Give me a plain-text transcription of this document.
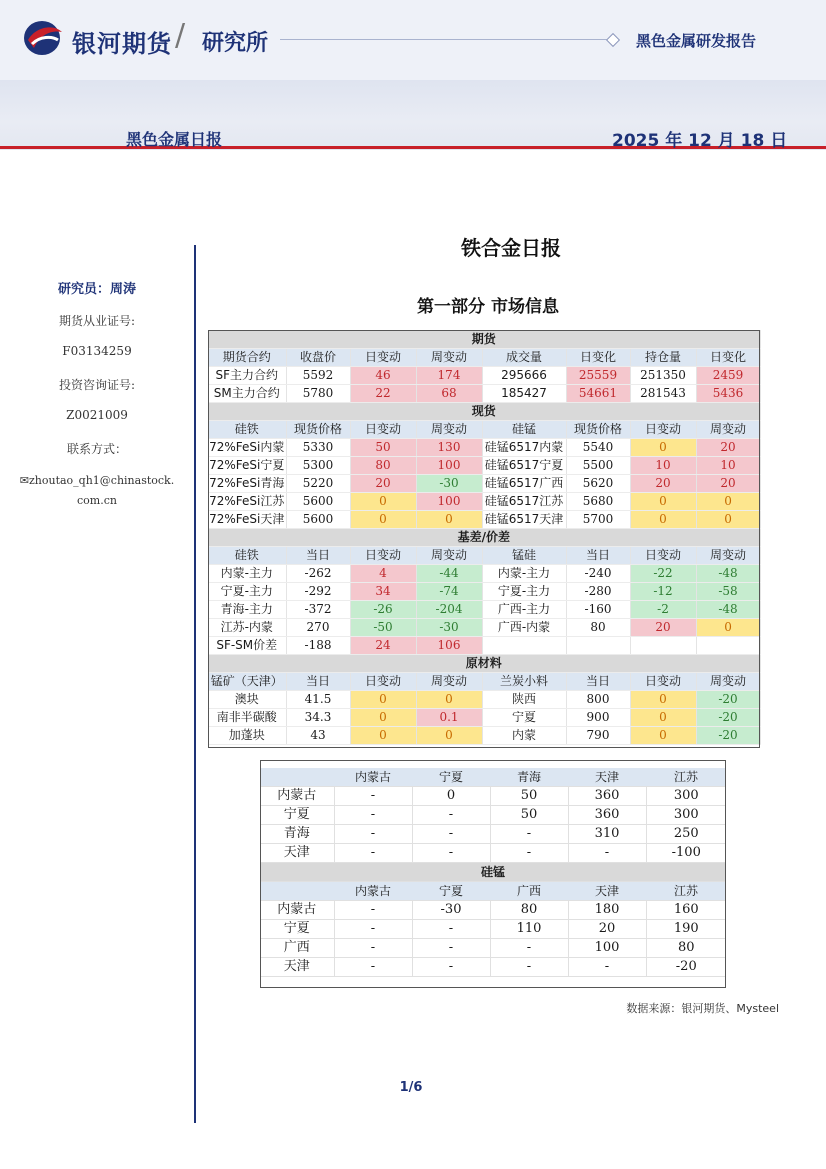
银河期货 / 研究所	黑色金属研发报告
黑色金属日报	2025 年 12 月 18 日
研究员：周涛
期货从业证号:
F03134259
投资咨询证号:
Z0021009
联系方式：
✉zhoutao_qh1@chinastock.
com.cn
铁合金日报
第一部分 市场信息
期货							
期货合约	收盘价	日变动	周变动	成交量	日变化	持仓量	日变化
SF主力合约	5592	46	174	295666	25559	251350	2459
SM主力合约	5780	22	68	185427	54661	281543	5436
现货							
硅铁	现货价格	日变动	周变动	硅锰	现货价格	日变动	周变动
72%FeSi内蒙	5330	50	130	硅锰6517内蒙	5540	0	20
72%FeSi宁夏	5300	80	100	硅锰6517宁夏	5500	10	10
72%FeSi青海	5220	20	-30	硅锰6517广西	5620	20	20
72%FeSi江苏	5600	0	100	硅锰6517江苏	5680	0	0
72%FeSi天津	5600	0	0	硅锰6517天津	5700	0	0
基差/价差							
硅铁	当日	日变动	周变动	锰硅	当日	日变动	周变动
内蒙-主力	-262	4	-44	内蒙-主力	-240	-22	-48
宁夏-主力	-292	34	-74	宁夏-主力	-280	-12	-58
青海-主力	-372	-26	-204	广西-主力	-160	-2	-48
江苏-内蒙	270	-50	-30	广西-内蒙	80	20	0
SF-SM价差	-188	24	106				
原材料							
锰矿（天津）	当日	日变动	周变动	兰炭小料	当日	日变动	周变动
澳块	41.5	0	0	陕西	800	0	-20
南非半碳酸	34.3	0	0.1	宁夏	900	0	-20
加蓬块	43	0	0	内蒙	790	0	-20

	内蒙古	宁夏	青海	天津	江苏
内蒙古	-	0	50	360	300
宁夏	-	-	50	360	300
青海	-	-	-	310	250
天津	-	-	-	-	-100
硅锰					
	内蒙古	宁夏	广西	天津	江苏
内蒙古	-	-30	80	180	160
宁夏	-	-	110	20	190
广西	-	-	-	100	80
天津	-	-	-	-	-20
数据来源：银河期货、Mysteel
1/6
